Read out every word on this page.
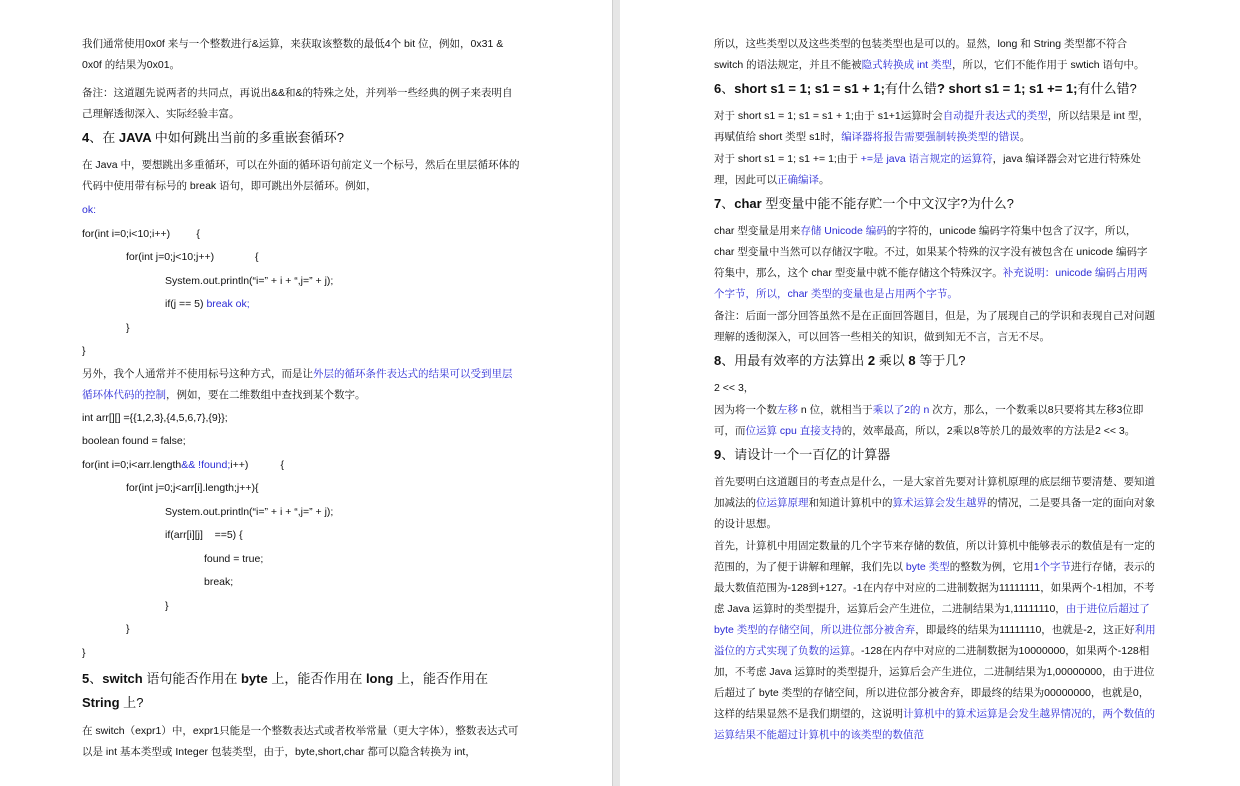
我们通常使用0x0f 来与一个整数进行&运算，来获取该整数的最低4个 bit 位，例如，0x31 & 0x0f 的结果为0x01。

备注：这道题先说两者的共同点，再说出&&和&的特殊之处，并列举一些经典的例子来表明自己理解透彻深入、实际经验丰富。

4、在 JAVA 中如何跳出当前的多重嵌套循环?

在 Java 中，要想跳出多重循环，可以在外面的循环语句前定义一个标号，然后在里层循环体的代码中使用带有标号的 break 语句，即可跳出外层循环。例如，

ok:
for(int i=0;i<10;i++)         {
for(int j=0;j<10;j++)              {
System.out.println(“i=” + i + “,j=” + j);
if(j == 5) break ok;
}
}

另外，我个人通常并不使用标号这种方式，而是让外层的循环条件表达式的结果可以受到里层循环体代码的控制，例如，要在二维数组中查找到某个数字。

int arr[][] ={{1,2,3},{4,5,6,7},{9}};
boolean found = false;
for(int i=0;i<arr.length&& !found;i++)           {
for(int j=0;j<arr[i].length;j++){
System.out.println(“i=” + i + “,j=” + j);
if(arr[i][j]    ==5) {
found = true;
break;
}
}
}
5、switch 语句能否作用在 byte 上，能否作用在 long 上，能否作用在 String 上?

在 switch（expr1）中，expr1只能是一个整数表达式或者枚举常量（更大字体），整数表达式可以是 int 基本类型或 Integer 包装类型，由于，byte,short,char 都可以隐含转换为 int，

所以，这些类型以及这些类型的包装类型也是可以的。显然，long 和 String 类型都不符合 switch 的语法规定，并且不能被隐式转换成 int 类型，所以，它们不能作用于 swtich 语句中。

6、short s1 = 1; s1 = s1 + 1;有什么错? short s1 = 1; s1 += 1;有什么错?

对于 short s1 = 1; s1 = s1 + 1;由于 s1+1运算时会自动提升表达式的类型，所以结果是 int 型，再赋值给 short 类型 s1时，编译器将报告需要强制转换类型的错误。

对于 short s1 = 1; s1 += 1;由于 +=是 java 语言规定的运算符，java 编译器会对它进行特殊处理，因此可以正确编译。

7、char 型变量中能不能存贮一个中文汉字?为什么?

char 型变量是用来存储 Unicode 编码的字符的，unicode 编码字符集中包含了汉字，所以，char 型变量中当然可以存储汉字啦。不过，如果某个特殊的汉字没有被包含在 unicode 编码字符集中，那么，这个 char 型变量中就不能存储这个特殊汉字。补充说明：unicode 编码占用两个字节，所以，char 类型的变量也是占用两个字节。

备注：后面一部分回答虽然不是在正面回答题目，但是，为了展现自己的学识和表现自己对问题理解的透彻深入，可以回答一些相关的知识，做到知无不言，言无不尽。

8、用最有效率的方法算出 2 乘以 8 等于几?

2 << 3，

因为将一个数左移 n 位，就相当于乘以了2的 n 次方，那么，一个数乘以8只要将其左移3位即可，而位运算 cpu 直接支持的，效率最高，所以，2乘以8等於几的最效率的方法是2 << 3。

9、请设计一个一百亿的计算器

首先要明白这道题目的考查点是什么，一是大家首先要对计算机原理的底层细节要清楚、要知道加减法的位运算原理和知道计算机中的算术运算会发生越界的情况，二是要具备一定的面向对象的设计思想。

首先，计算机中用固定数量的几个字节来存储的数值，所以计算机中能够表示的数值是有一定的范围的，为了便于讲解和理解，我们先以 byte 类型的整数为例，它用1个字节进行存储，表示的最大数值范围为-128到+127。-1在内存中对应的二进制数据为11111111，如果两个-1相加，不考虑 Java 运算时的类型提升，运算后会产生进位，二进制结果为1,11111110，由于进位后超过了 byte 类型的存储空间，所以进位部分被舍弃，即最终的结果为11111110，也就是-2，这正好利用溢位的方式实现了负数的运算。-128在内存中对应的二进制数据为10000000，如果两个-128相加，不考虑 Java 运算时的类型提升，运算后会产生进位，二进制结果为1,00000000，由于进位后超过了 byte 类型的存储空间，所以进位部分被舍弃，即最终的结果为00000000，也就是0，这样的结果显然不是我们期望的，这说明计算机中的算术运算是会发生越界情况的，两个数值的运算结果不能超过计算机中的该类型的数值范
